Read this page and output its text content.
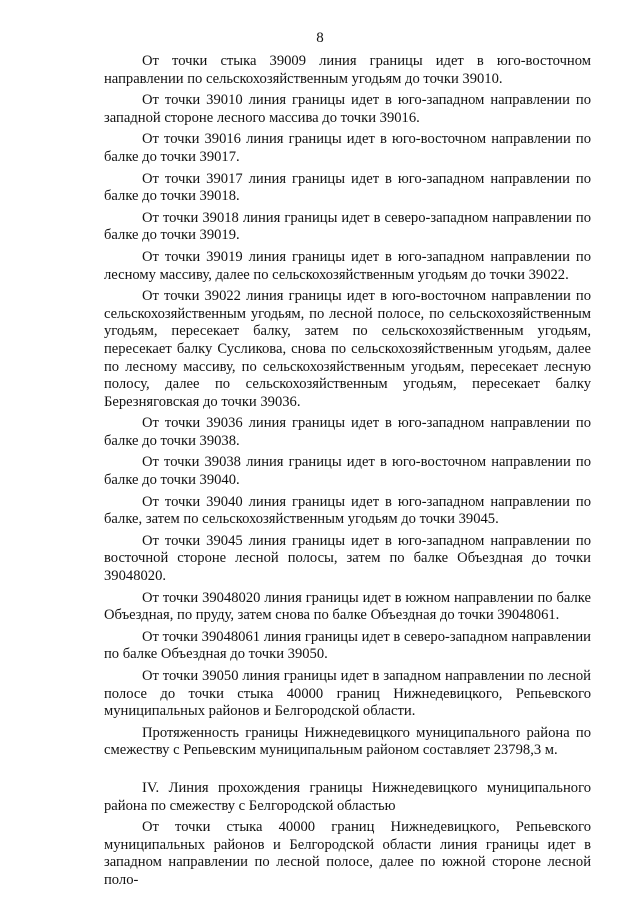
8

От точки стыка 39009 линия границы идет в юго-восточном направлении по сельскохозяйственным угодьям до точки 39010.

От точки 39010 линия границы идет в юго-западном направлении по западной стороне лесного массива до точки 39016.

От точки 39016 линия границы идет в юго-восточном направлении по балке до точки 39017.

От точки 39017 линия границы идет в юго-западном направлении по балке до точки 39018.

От точки 39018 линия границы идет в северо-западном направлении по балке до точки 39019.

От точки 39019 линия границы идет в юго-западном направлении по лесному массиву, далее по сельскохозяйственным угодьям до точки 39022.

От точки 39022 линия границы идет в юго-восточном направлении по сельскохозяйственным угодьям, по лесной полосе, по сельскохозяйственным угодьям, пересекает балку, затем по сельскохозяйственным угодьям, пересекает балку Сусликова, снова по сельскохозяйственным угодьям, далее по лесному массиву, по сельскохозяйственным угодьям, пересекает лесную полосу, далее по сельскохозяйственным угодьям, пересекает балку Березняговская до точки 39036.

От точки 39036 линия границы идет в юго-западном направлении по балке до точки 39038.

От точки 39038 линия границы идет в юго-восточном направлении по балке до точки 39040.

От точки 39040 линия границы идет в юго-западном направлении по балке, затем по сельскохозяйственным угодьям до точки 39045.

От точки 39045 линия границы идет в юго-западном направлении по восточной стороне лесной полосы, затем по балке Объездная до точки 39048020.

От точки 39048020 линия границы идет в южном направлении по балке Объездная, по пруду, затем снова по балке Объездная до точки 39048061.

От точки 39048061 линия границы идет в северо-западном направлении по балке Объездная до точки 39050.

От точки 39050 линия границы идет в западном направлении по лесной полосе до точки стыка 40000 границ Нижнедевицкого, Репьевского муниципальных районов и Белгородской области.

Протяженность границы Нижнедевицкого муниципального района по смежеству с Репьевским муниципальным районом составляет 23798,3 м.

IV. Линия прохождения границы Нижнедевицкого муниципального района по смежеству с Белгородской областью

От точки стыка 40000 границ Нижнедевицкого, Репьевского муниципальных районов и Белгородской области линия границы идет в западном направлении по лесной полосе, далее по южной стороне лесной поло-
